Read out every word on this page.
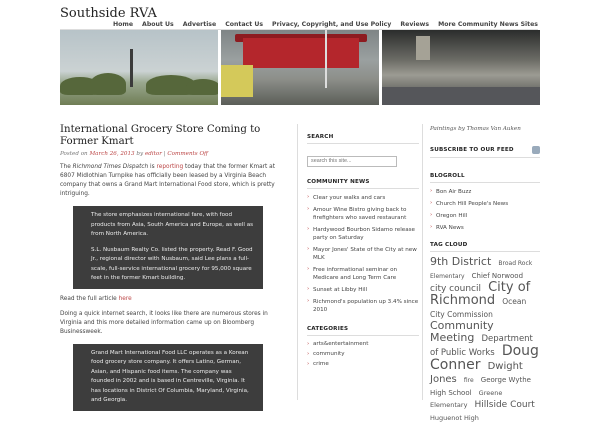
Southside RVA
Home About Us Advertise Contact Us Privacy, Copyright, and Use Policy Reviews More Community News Sites
International Grocery Store Coming to Former Kmart
Posted on March 26, 2013 by editor | Comments Off
The Richmond Times Dispatch is reporting today that the former Kmart at 6807 Midlothian Turnpike has officially been leased by a Virginia Beach company that owns a Grand Mart International Food store, which is pretty intriguing.

The store emphasizes international fare, with food products from Asia, South America and Europe, as well as from North America.

S.L. Nusbaum Realty Co. listed the property. Read F. Good Jr., regional director with Nusbaum, said Lee plans a full-scale, full-service international grocery for 95,000 square feet in the former Kmart building.

Read the full article here
Doing a quick internet search, it looks like there are numerous stores in Virginia and this more detailed information came up on Bloomberg Businessweek.

Grand Mart International Food LLC operates as a Korean food grocery store company. It offers Latino, German, Asian, and Hispanic food items. The company was founded in 2002 and is based in Centreville, Virginia. It has locations in District Of Columbia, Maryland, Virginia, and Georgia.

SEARCH
search this site...
COMMUNITY NEWS
› Clear your walks and cars
› Amour Wine Bistro giving back to firefighters who saved restaurant
› Hardywood Bourbon Sidamo release party on Saturday
› Mayor Jones' State of the City at new MLK
› Free informational seminar on Medicare and Long Term Care
› Sunset at Libby Hill
› Richmond's population up 3.4% since 2010
CATEGORIES
› arts&entertainment
› community
› crime
Paintings by Thomas Van Auken
SUBSCRIBE TO OUR FEED
BLOGROLL
› Bon Air Buzz
› Church Hill People's News
› Oregon Hill
› RVA News
TAG CLOUD
9th District Broad Rock Elementary Chief Norwood city council City of Richmond Ocean City Commission Community Meeting Department of Public Works Doug Conner Dwight Jones fire George Wythe High School Greene Elementary Hillside Court Huguenot High
